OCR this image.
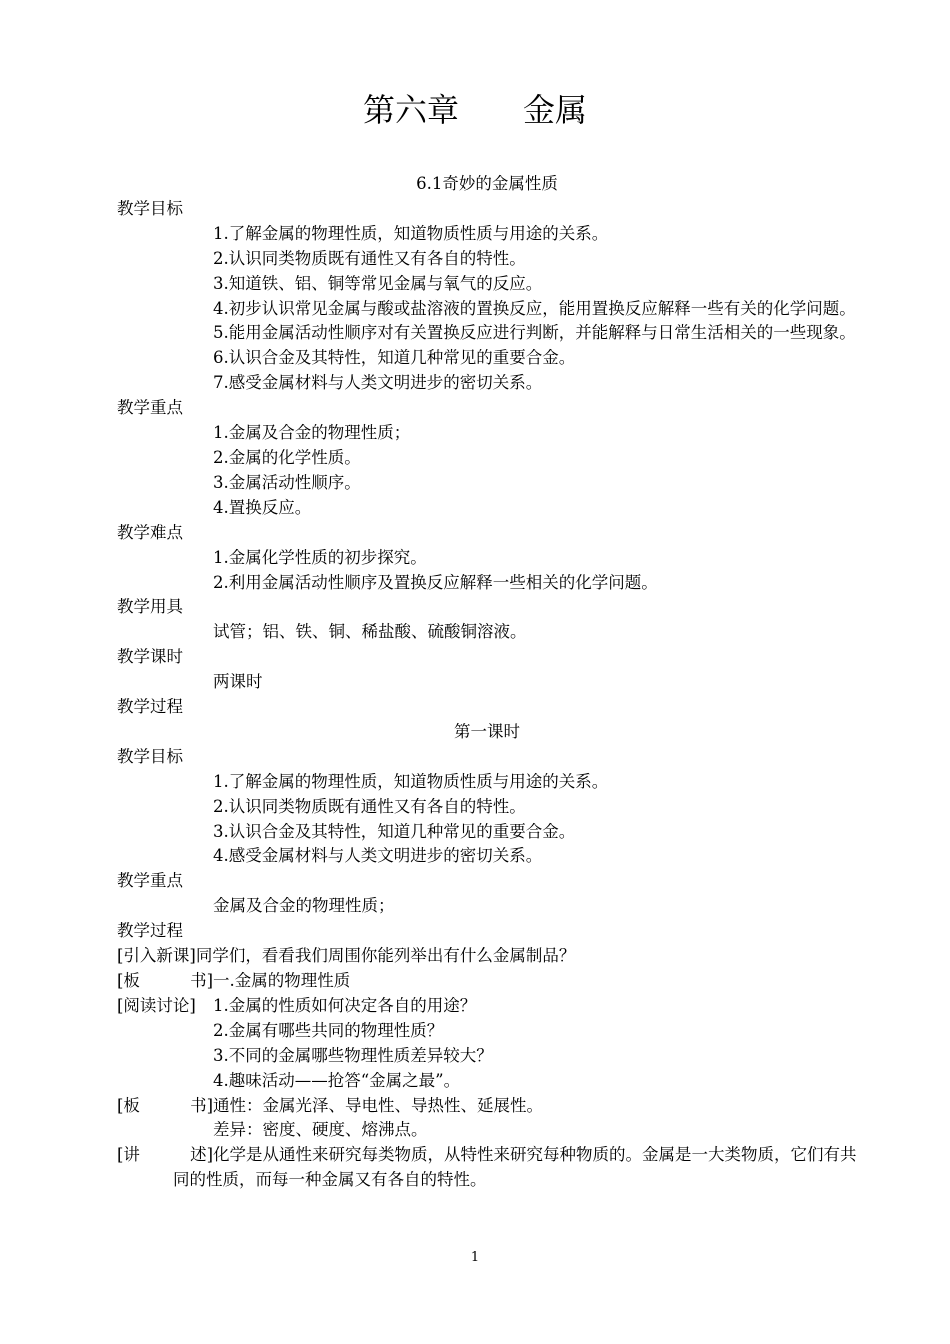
第六章　　金属
6.1奇妙的金属性质
教学目标
1.了解金属的物理性质，知道物质性质与用途的关系。
2.认识同类物质既有通性又有各自的特性。
3.知道铁、铝、铜等常见金属与氧气的反应。
4.初步认识常见金属与酸或盐溶液的置换反应，能用置换反应解释一些有关的化学问题。
5.能用金属活动性顺序对有关置换反应进行判断，并能解释与日常生活相关的一些现象。
6.认识合金及其特性，知道几种常见的重要合金。
7.感受金属材料与人类文明进步的密切关系。
教学重点
1.金属及合金的物理性质；
2.金属的化学性质。
3.金属活动性顺序。
4.置换反应。
教学难点
1.金属化学性质的初步探究。
2.利用金属活动性顺序及置换反应解释一些相关的化学问题。
教学用具
试管；铝、铁、铜、稀盐酸、硫酸铜溶液。
教学课时
两课时
教学过程
第一课时
教学目标
1.了解金属的物理性质，知道物质性质与用途的关系。
2.认识同类物质既有通性又有各自的特性。
3.认识合金及其特性，知道几种常见的重要合金。
4.感受金属材料与人类文明进步的密切关系。
教学重点
金属及合金的物理性质；
教学过程
[引入新课]同学们，看看我们周围你能列举出有什么金属制品？
[板	书] 一.金属的物理性质
[阅读讨论] 1.金属的性质如何决定各自的用途？
2.金属有哪些共同的物理性质？
3.不同的金属哪些物理性质差异较大？
4.趣味活动——抢答“金属之最”。
[板	书] 通性：金属光泽、导电性、导热性、延展性。
差异：密度、硬度、熔沸点。
[讲	述] 化学是从通性来研究每类物质，从特性来研究每种物质的。金属是一大类物质，它们有共同的性质，而每一种金属又有各自的特性。
1
